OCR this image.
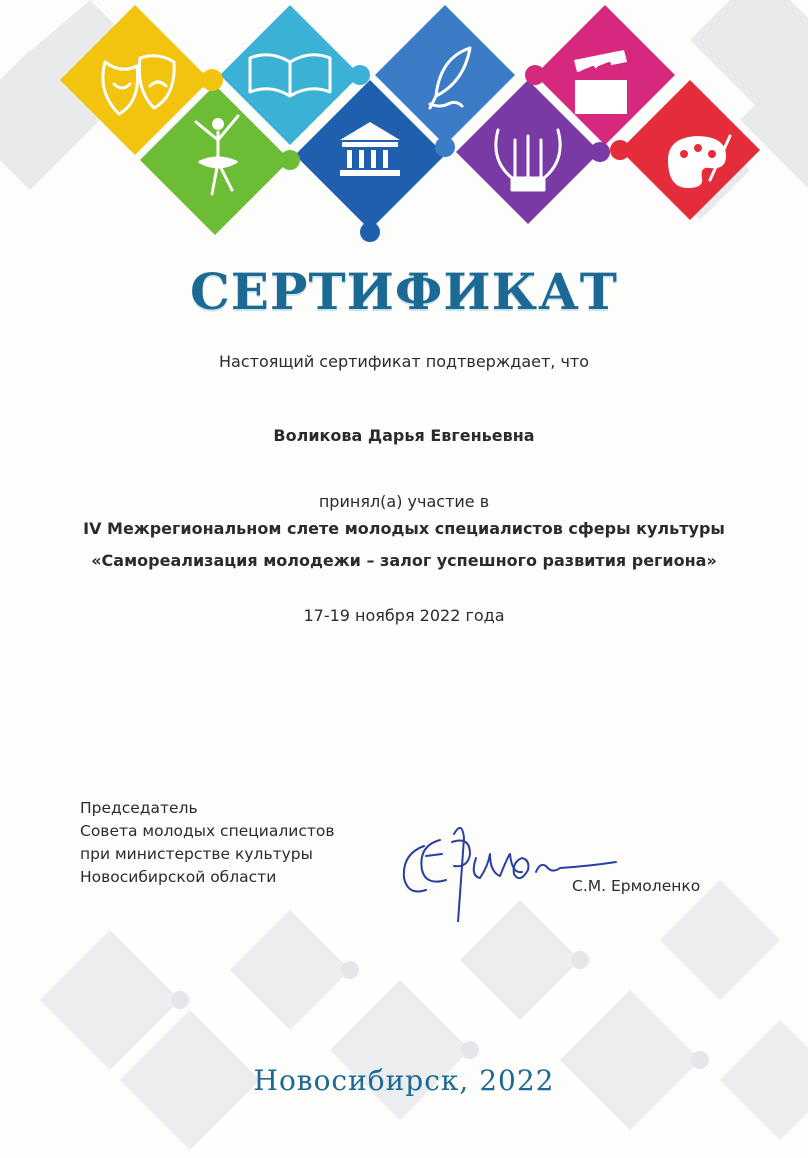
СЕРТИФИКАТ
Настоящий сертификат подтверждает, что
Воликова Дарья Евгеньевна
принял(а) участие в
IV Межрегиональном слете молодых специалистов сферы культуры
«Самореализация молодежи – залог успешного развития региона»
17-19 ноября 2022 года
Председатель
Совета молодых специалистов
при министерстве культуры
Новосибирской области	С.М. Ермоленко
Новосибирск, 2022
